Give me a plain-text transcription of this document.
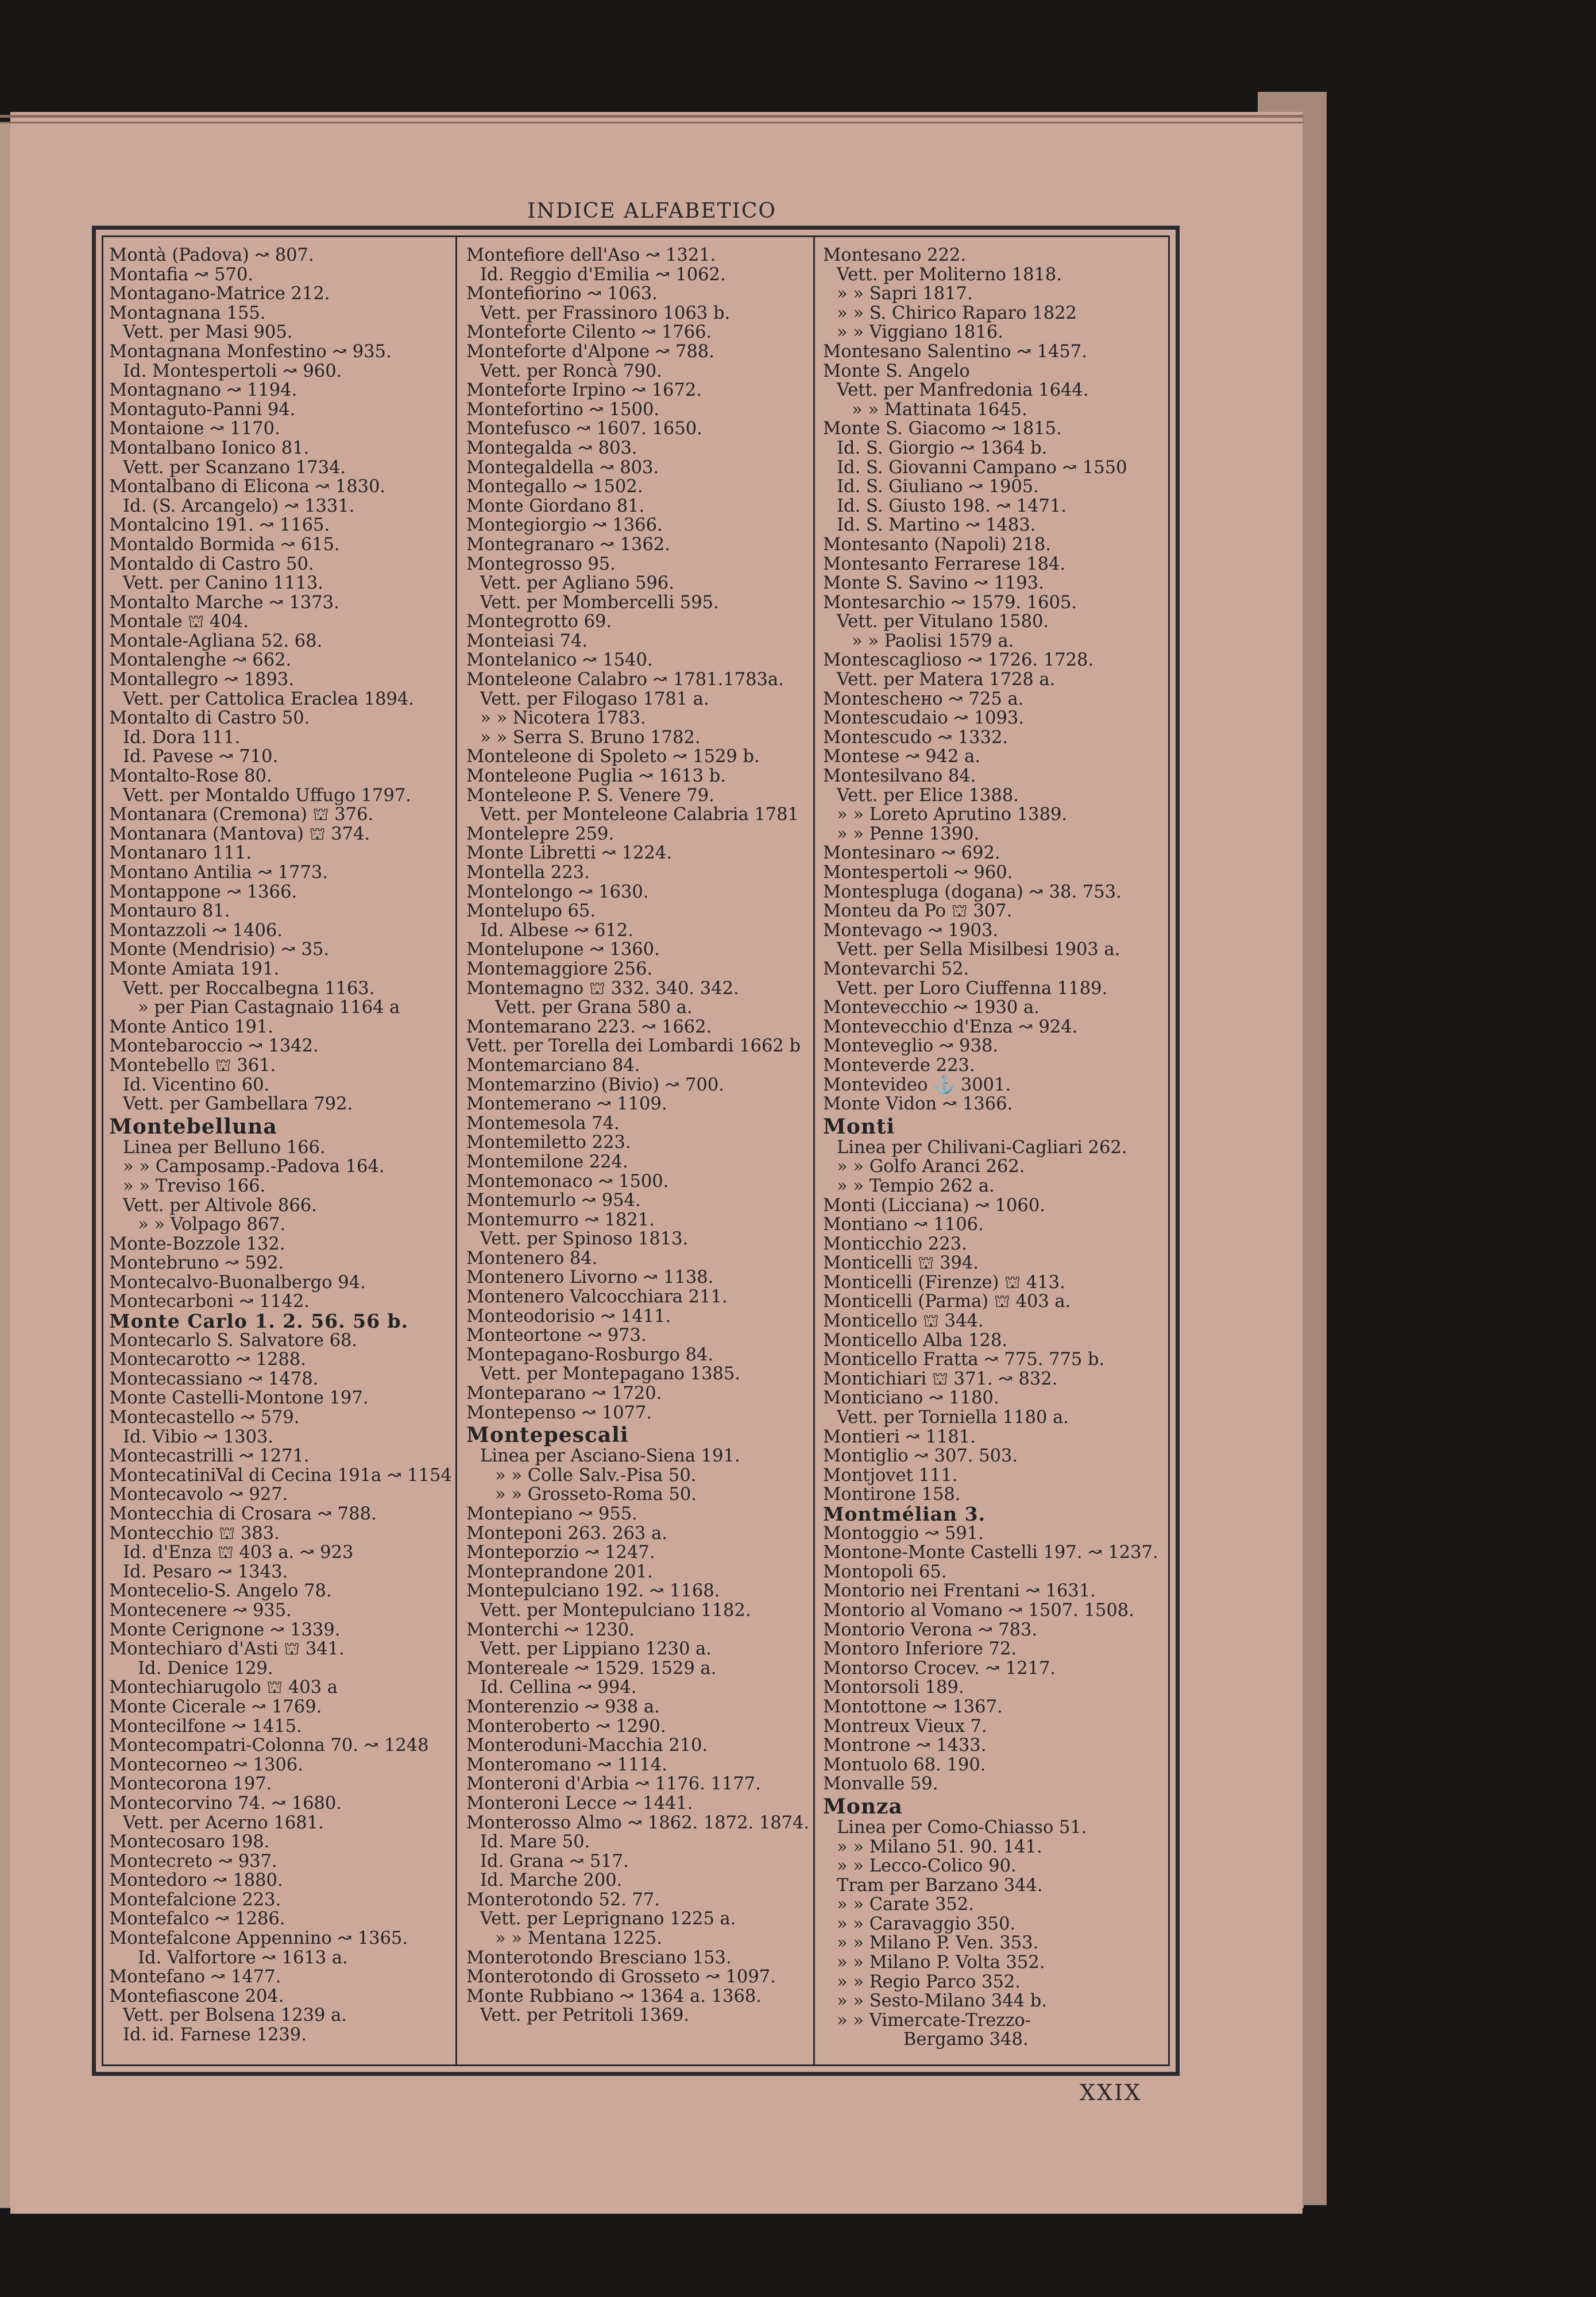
INDICE ALFABETICO
Montà (Padova) ↝ 807.
Montafia ↝ 570.
Montagano-Matrice 212.
Montagnana 155.
Vett. per Masi 905.
Montagnana Monfestino ↝ 935.
Id. Montespertoli ↝ 960.
Montagnano ↝ 1194.
Montaguto-Panni 94.
Montaione ↝ 1170.
Montalbano Ionico 81.
Vett. per Scanzano 1734.
Montalbano di Elicona ↝ 1830.
Id. (S. Arcangelo) ↝ 1331.
Montalcino 191. ↝ 1165.
Montaldo Bormida ↝ 615.
Montaldo di Castro 50.
Vett. per Canino 1113.
Montalto Marche ↝ 1373.
Montale ⛫ 404.
Montale-Agliana 52. 68.
Montalenghe ↝ 662.
Montallegro ↝ 1893.
Vett. per Cattolica Eraclea 1894.
Montalto di Castro 50.
Id. Dora 111.
Id. Pavese ↝ 710.
Montalto-Rose 80.
Vett. per Montaldo Uffugo 1797.
Montanara (Cremona) ⛫ 376.
Montanara (Mantova) ⛫ 374.
Montanaro 111.
Montano Antilia ↝ 1773.
Montappone ↝ 1366.
Montauro 81.
Montazzoli ↝ 1406.
Monte (Mendrisio) ↝ 35.
Monte Amiata 191.
Vett. per Roccalbegna 1163.
» per Pian Castagnaio 1164 a
Monte Antico 191.
Montebaroccio ↝ 1342.
Montebello ⛫ 361.
Id. Vicentino 60.
Vett. per Gambellara 792.
Montebelluna
Linea per Belluno 166.
» » Camposamp.-Padova 164.
» » Treviso 166.
Vett. per Altivole 866.
» » Volpago 867.
Monte-Bozzole 132.
Montebruno ↝ 592.
Montecalvo-Buonalbergo 94.
Montecarboni ↝ 1142.
Monte Carlo 1. 2. 56. 56 b.
Montecarlo S. Salvatore 68.
Montecarotto ↝ 1288.
Montecassiano ↝ 1478.
Monte Castelli-Montone 197.
Montecastello ↝ 579.
Id. Vibio ↝ 1303.
Montecastrilli ↝ 1271.
MontecatiniVal di Cecina 191a ↝ 1154
Montecavolo ↝ 927.
Montecchia di Crosara ↝ 788.
Montecchio ⛫ 383.
Id. d'Enza ⛫ 403 a. ↝ 923
Id. Pesaro ↝ 1343.
Montecelio-S. Angelo 78.
Montecenere ↝ 935.
Monte Cerignone ↝ 1339.
Montechiaro d'Asti ⛫ 341.
Id. Denice 129.
Montechiarugolo ⛫ 403 a
Monte Cicerale ↝ 1769.
Montecilfone ↝ 1415.
Montecompatri-Colonna 70. ↝ 1248
Montecorneo ↝ 1306.
Montecorona 197.
Montecorvino 74. ↝ 1680.
Vett. per Acerno 1681.
Montecosaro 198.
Montecreto ↝ 937.
Montedoro ↝ 1880.
Montefalcione 223.
Montefalco ↝ 1286.
Montefalcone Appennino ↝ 1365.
Id. Valfortore ↝ 1613 a.
Montefano ↝ 1477.
Montefiascone 204.
Vett. per Bolsena 1239 a.
Id. id. Farnese 1239.
Montefiore dell'Aso ↝ 1321.
Id. Reggio d'Emilia ↝ 1062.
Montefiorino ↝ 1063.
Vett. per Frassinoro 1063 b.
Monteforte Cilento ↝ 1766.
Monteforte d'Alpone ↝ 788.
Vett. per Roncà 790.
Monteforte Irpino ↝ 1672.
Montefortino ↝ 1500.
Montefusco ↝ 1607. 1650.
Montegalda ↝ 803.
Montegaldella ↝ 803.
Montegallo ↝ 1502.
Monte Giordano 81.
Montegiorgio ↝ 1366.
Montegranaro ↝ 1362.
Montegrosso 95.
Vett. per Agliano 596.
Vett. per Mombercelli 595.
Montegrotto 69.
Monteiasi 74.
Montelanico ↝ 1540.
Monteleone Calabro ↝ 1781.1783a.
Vett. per Filogaso 1781 a.
» » Nicotera 1783.
» » Serra S. Bruno 1782.
Monteleone di Spoleto ↝ 1529 b.
Monteleone Puglia ↝ 1613 b.
Monteleone P. S. Venere 79.
Vett. per Monteleone Calabria 1781
Montelepre 259.
Monte Libretti ↝ 1224.
Montella 223.
Montelongo ↝ 1630.
Montelupo 65.
Id. Albese ↝ 612.
Montelupone ↝ 1360.
Montemaggiore 256.
Montemagno ⛫ 332. 340. 342.
Vett. per Grana 580 a.
Montemarano 223. ↝ 1662.
Vett. per Torella dei Lombardi 1662 b
Montemarciano 84.
Montemarzino (Bivio) ↝ 700.
Montemerano ↝ 1109.
Montemesola 74.
Montemiletto 223.
Montemilone 224.
Montemonaco ↝ 1500.
Montemurlo ↝ 954.
Montemurro ↝ 1821.
Vett. per Spinoso 1813.
Montenero 84.
Montenero Livorno ↝ 1138.
Montenero Valcocchiara 211.
Monteodorisio ↝ 1411.
Monteortone ↝ 973.
Montepagano-Rosburgo 84.
Vett. per Montepagano 1385.
Monteparano ↝ 1720.
Montepenso ↝ 1077.
Montepescali
Linea per Asciano-Siena 191.
» » Colle Salv.-Pisa 50.
» » Grosseto-Roma 50.
Montepiano ↝ 955.
Monteponi 263. 263 a.
Monteporzio ↝ 1247.
Monteprandone 201.
Montepulciano 192. ↝ 1168.
Vett. per Montepulciano 1182.
Monterchi ↝ 1230.
Vett. per Lippiano 1230 a.
Montereale ↝ 1529. 1529 a.
Id. Cellina ↝ 994.
Monterenzio ↝ 938 a.
Monteroberto ↝ 1290.
Monteroduni-Macchia 210.
Monteromano ↝ 1114.
Monteroni d'Arbia ↝ 1176. 1177.
Monteroni Lecce ↝ 1441.
Monterosso Almo ↝ 1862. 1872. 1874.
Id. Mare 50.
Id. Grana ↝ 517.
Id. Marche 200.
Monterotondo 52. 77.
Vett. per Leprignano 1225 a.
» » Mentana 1225.
Monterotondo Bresciano 153.
Monterotondo di Grosseto ↝ 1097.
Monte Rubbiano ↝ 1364 a. 1368.
Vett. per Petritoli 1369.
Montesano 222.
Vett. per Moliterno 1818.
» » Sapri 1817.
» » S. Chirico Raparo 1822
» » Viggiano 1816.
Montesano Salentino ↝ 1457.
Monte S. Angelo
Vett. per Manfredonia 1644.
» » Mattinata 1645.
Monte S. Giacomo ↝ 1815.
Id. S. Giorgio ↝ 1364 b.
Id. S. Giovanni Campano ↝ 1550
Id. S. Giuliano ↝ 1905.
Id. S. Giusto 198. ↝ 1471.
Id. S. Martino ↝ 1483.
Montesanto (Napoli) 218.
Montesanto Ferrarese 184.
Monte S. Savino ↝ 1193.
Montesarchio ↝ 1579. 1605.
Vett. per Vitulano 1580.
» » Paolisi 1579 a.
Montescaglioso ↝ 1726. 1728.
Vett. per Matera 1728 a.
Monteschено ↝ 725 a.
Montescudaio ↝ 1093.
Montescudo ↝ 1332.
Montese ↝ 942 a.
Montesilvano 84.
Vett. per Elice 1388.
» » Loreto Aprutino 1389.
» » Penne 1390.
Montesinaro ↝ 692.
Montespertoli ↝ 960.
Montespluga (dogana) ↝ 38. 753.
Monteu da Po ⛫ 307.
Montevago ↝ 1903.
Vett. per Sella Misilbesi 1903 a.
Montevarchi 52.
Vett. per Loro Ciuffenna 1189.
Montevecchio ↝ 1930 a.
Montevecchio d'Enza ↝ 924.
Monteveglio ↝ 938.
Monteverde 223.
Montevideo ⚓ 3001.
Monte Vidon ↝ 1366.
Monti
Linea per Chilivani-Cagliari 262.
» » Golfo Aranci 262.
» » Tempio 262 a.
Monti (Licciana) ↝ 1060.
Montiano ↝ 1106.
Monticchio 223.
Monticelli ⛫ 394.
Monticelli (Firenze) ⛫ 413.
Monticelli (Parma) ⛫ 403 a.
Monticello ⛫ 344.
Monticello Alba 128.
Monticello Fratta ↝ 775. 775 b.
Montichiari ⛫ 371. ↝ 832.
Monticiano ↝ 1180.
Vett. per Torniella 1180 a.
Montieri ↝ 1181.
Montiglio ↝ 307. 503.
Montjovet 111.
Montirone 158.
Montmélian 3.
Montoggio ↝ 591.
Montone-Monte Castelli 197. ↝ 1237.
Montopoli 65.
Montorio nei Frentani ↝ 1631.
Montorio al Vomano ↝ 1507. 1508.
Montorio Verona ↝ 783.
Montoro Inferiore 72.
Montorso Crocev. ↝ 1217.
Montorsoli 189.
Montottone ↝ 1367.
Montreux Vieux 7.
Montrone ↝ 1433.
Montuolo 68. 190.
Monvalle 59.
Monza
Linea per Como-Chiasso 51.
» » Milano 51. 90. 141.
» » Lecco-Colico 90.
Tram per Barzano 344.
» » Carate 352.
» » Caravaggio 350.
» » Milano P. Ven. 353.
» » Milano P. Volta 352.
» » Regio Parco 352.
» » Sesto-Milano 344 b.
» » Vimercate-Trezzo-
Bergamo 348.
XXIX
